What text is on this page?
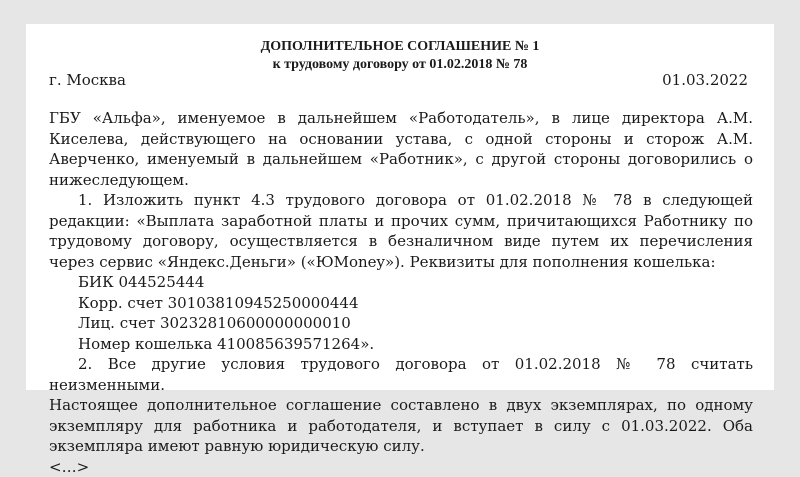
ДОПОЛНИТЕЛЬНОЕ СОГЛАШЕНИЕ № 1
к трудовому договору от 01.02.2018 № 78
г. Москва	01.03.2022

ГБУ «Альфа», именуемое в дальнейшем «Работодатель», в лице директора А.М. Киселева, действующего на основании устава, с одной стороны и сторож А.М. Аверченко, именуемый в дальнейшем «Работник», с другой стороны договорились о нижеследующем.

1. Изложить пункт 4.3 трудового договора от 01.02.2018 № 78 в следующей редакции: «Выплата заработной платы и прочих сумм, причитающихся Работнику по трудовому договору, осуществляется в безналичном виде путем их перечисления через сервис «Яндекс.Деньги» («ЮMoney»). Реквизиты для пополнения кошелька:

БИК 044525444
Корр. счет 30103810945250000444
Лиц. счет 30232810600000000010
Номер кошелька 410085639571264».

2. Все другие условия трудового договора от 01.02.2018 № 78 считать неизменными.

Настоящее дополнительное соглашение составлено в двух экземплярах, по одному экземпляру для работника и работодателя, и вступает в силу с 01.03.2022. Оба экземпляра имеют равную юридическую силу.

<…>
